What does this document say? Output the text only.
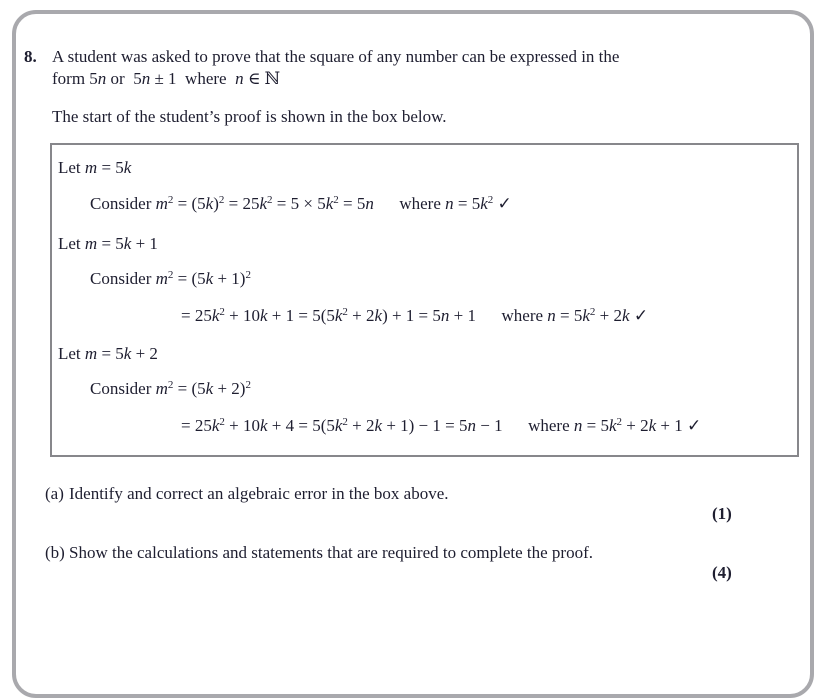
8. A student was asked to prove that the square of any number can be expressed in the
form 5n or 5n ± 1 where n ∈ ℕ
The start of the student’s proof is shown in the box below.
Let m = 5k
Consider $m^2 = (5k)^2 = 25k^2 = 5 \times 5k^2 = 5n$  where $n = 5k^2$ ✓
Let m = 5k + 1
Consider $m^2 = (5k + 1)^2$
= $25k^2 + 10k + 1 = 5(5k^2 + 2k) + 1 = 5n + 1$  where $n = 5k^2 + 2k$ ✓
Let m = 5k + 2
Consider $m^2 = (5k + 2)^2$
= $25k^2 + 10k + 4 = 5(5k^2 + 2k + 1) - 1 = 5n - 1$  where $n = 5k^2 + 2k + 1$ ✓
(a) Identify and correct an algebraic error in the box above.
(1)
(b) Show the calculations and statements that are required to complete the proof.
(4)
